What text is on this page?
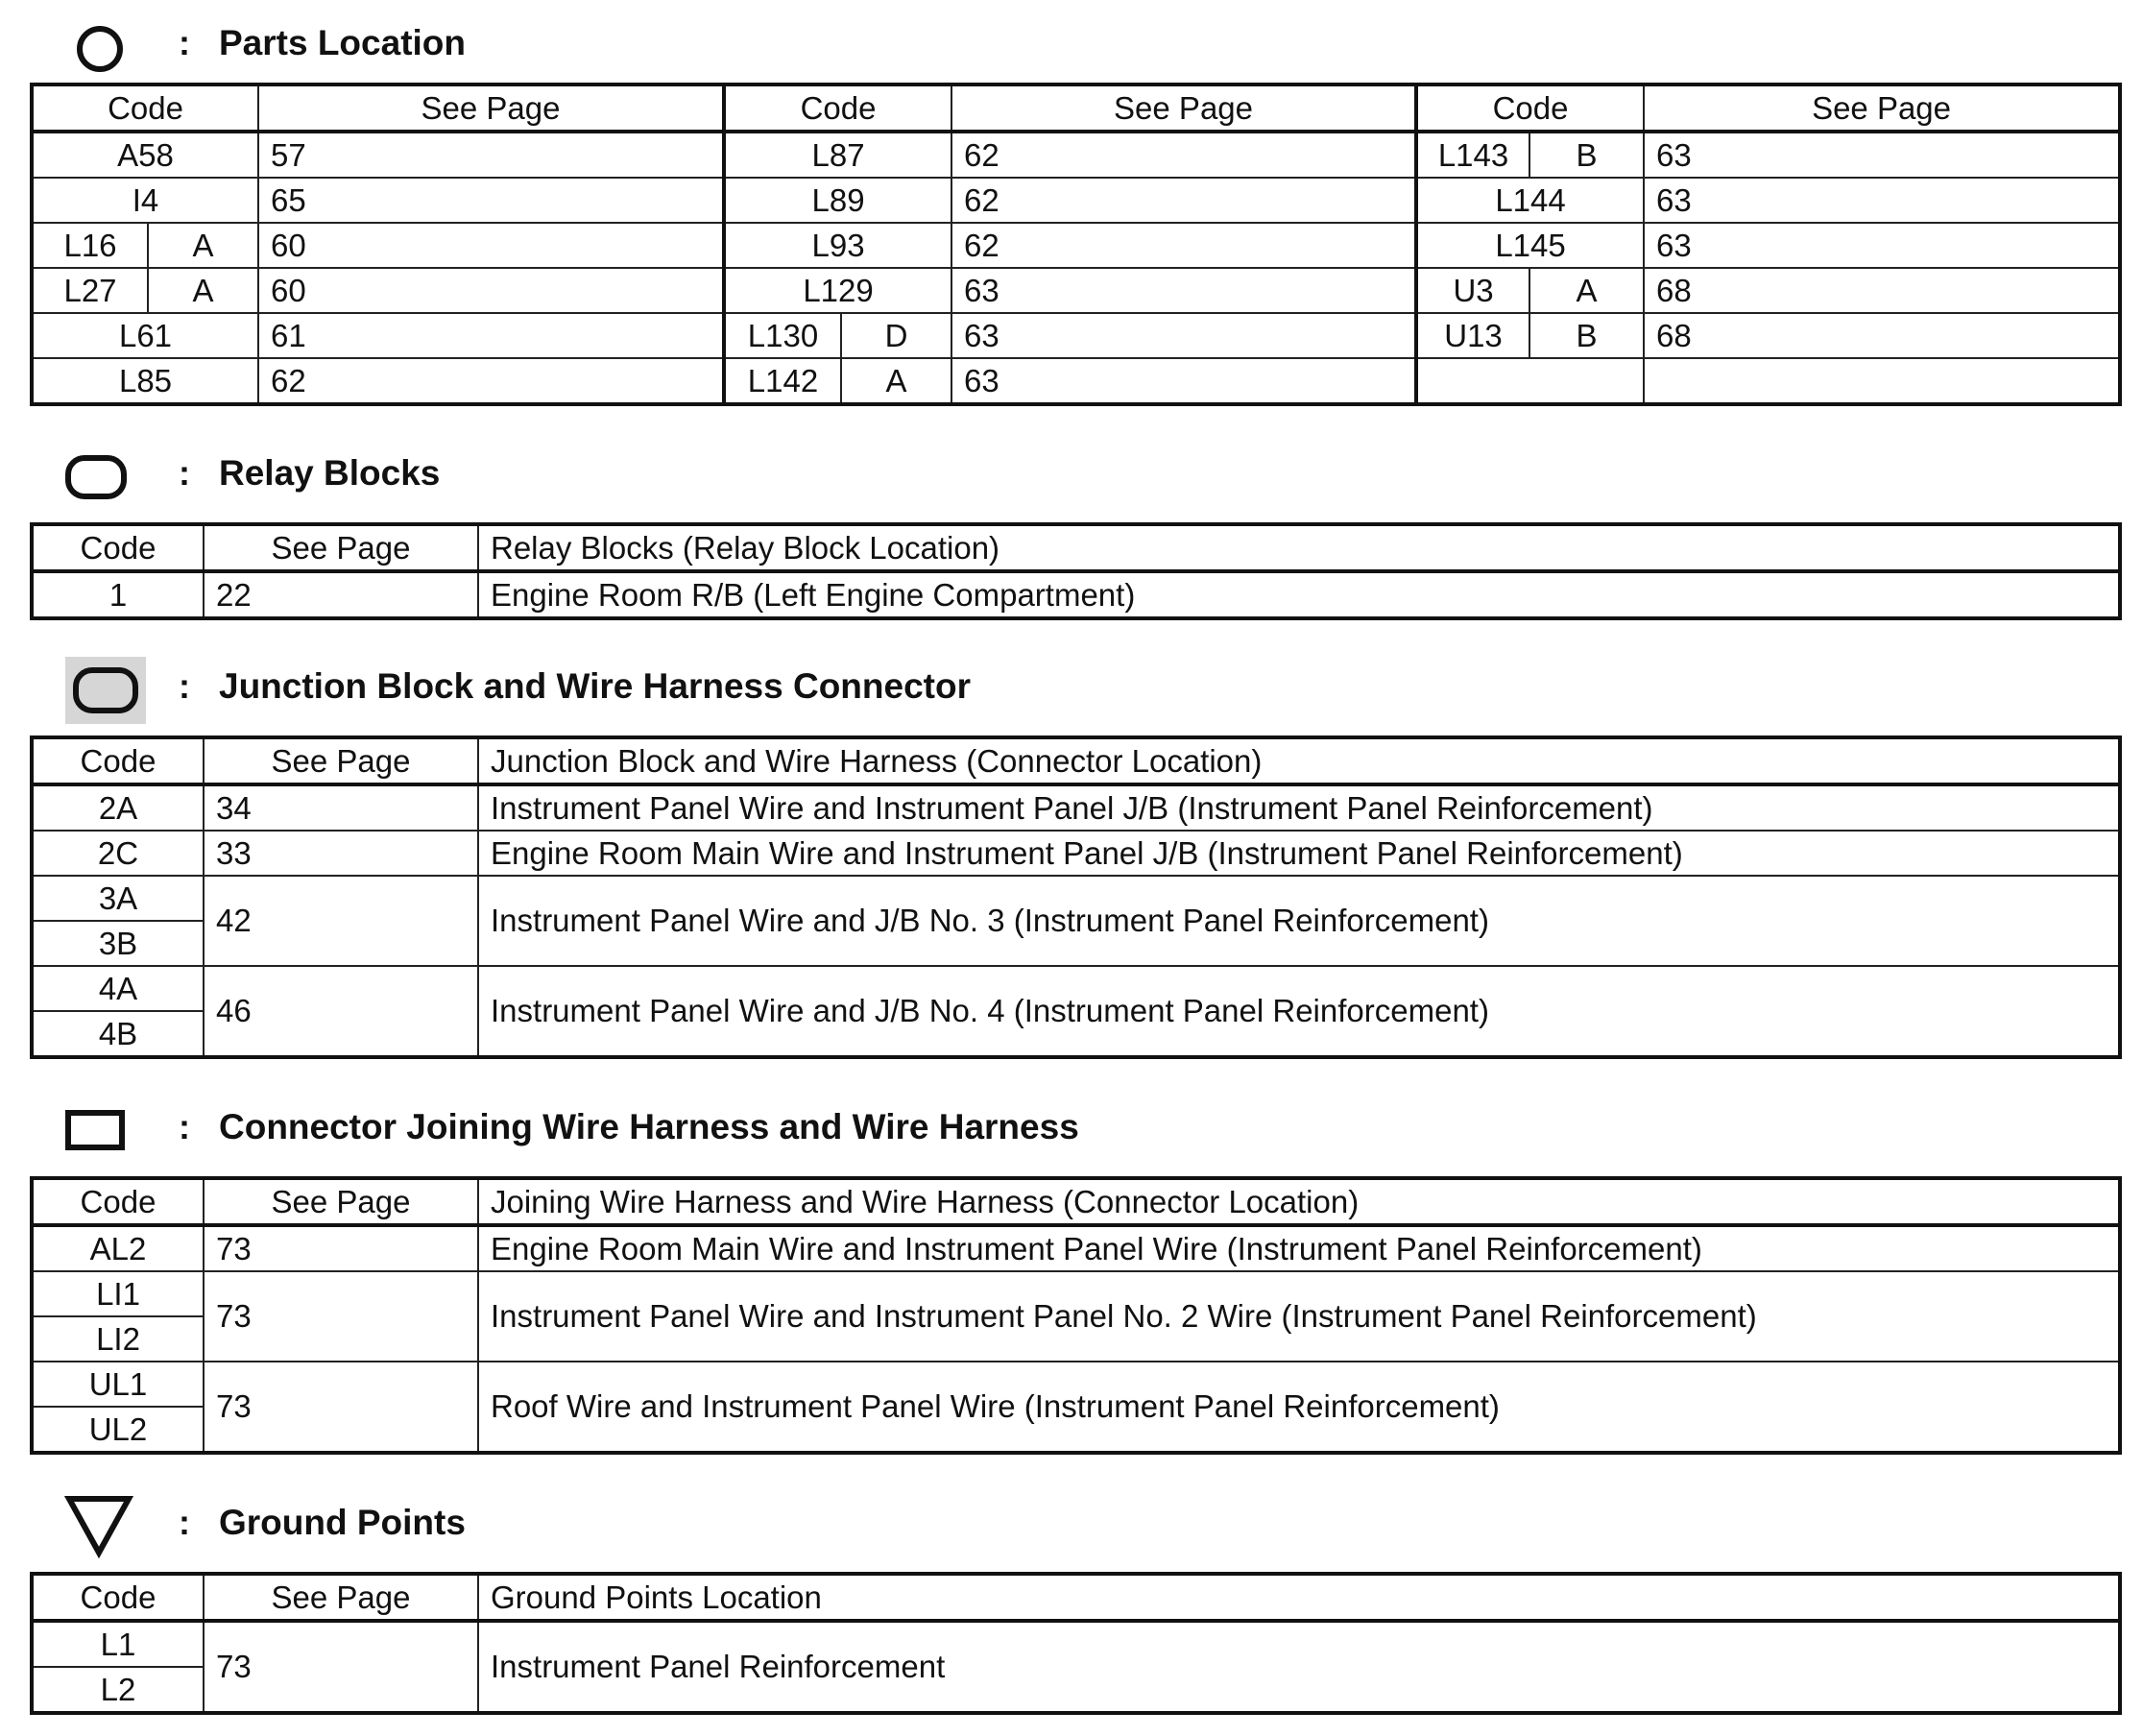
: Parts Location
Code		See Page	Code		See Page	Code		See Page
A58		57	L87		62	L143	B	63
I4		65	L89		62	L144		63
L16	A	60	L93		62	L145		63
L27	A	60	L129		63	U3	A	68
L61		61	L130	D	63	U13	B	68
L85		62	L142	A	63			
: Relay Blocks
Code	See Page	Relay Blocks (Relay Block Location)
1	22	Engine Room R/B (Left Engine Compartment)
: Junction Block and Wire Harness Connector
Code	See Page	Junction Block and Wire Harness (Connector Location)
2A	34	Instrument Panel Wire and Instrument Panel J/B (Instrument Panel Reinforcement)
2C	33	Engine Room Main Wire and Instrument Panel J/B (Instrument Panel Reinforcement)
3A	42	Instrument Panel Wire and J/B No. 3 (Instrument Panel Reinforcement)
3B		
4A	46	Instrument Panel Wire and J/B No. 4 (Instrument Panel Reinforcement)
4B		
: Connector Joining Wire Harness and Wire Harness
Code	See Page	Joining Wire Harness and Wire Harness (Connector Location)
AL2	73	Engine Room Main Wire and Instrument Panel Wire (Instrument Panel Reinforcement)
LI1	73	Instrument Panel Wire and Instrument Panel No. 2 Wire (Instrument Panel Reinforcement)
LI2		
UL1	73	Roof Wire and Instrument Panel Wire (Instrument Panel Reinforcement)
UL2		
: Ground Points
Code	See Page	Ground Points Location
L1	73	Instrument Panel Reinforcement
L2		
